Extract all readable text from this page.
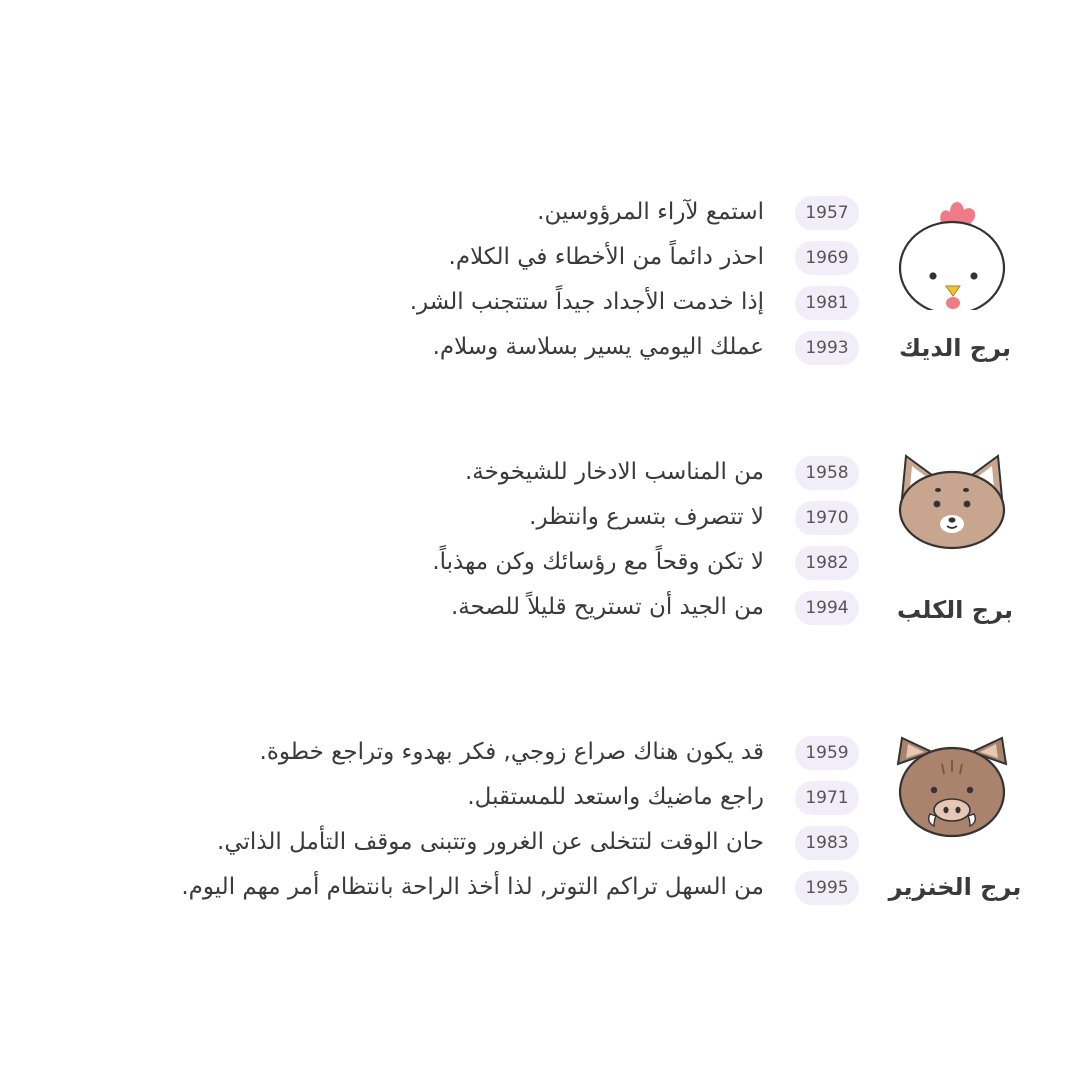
برج الديك
1957
استمع لآراء المرؤوسين.
1969
احذر دائماً من الأخطاء في الكلام.
1981
إذا خدمت الأجداد جيداً ستتجنب الشر.
1993
عملك اليومي يسير بسلاسة وسلام.
برج الكلب
1958
من المناسب الادخار للشيخوخة.
1970
لا تتصرف بتسرع وانتظر.
1982
لا تكن وقحاً مع رؤسائك وكن مهذباً.
1994
من الجيد أن تستريح قليلاً للصحة.
برج الخنزير
1959
قد يكون هناك صراع زوجي, فكر بهدوء وتراجع خطوة.
1971
راجع ماضيك واستعد للمستقبل.
1983
حان الوقت لتتخلى عن الغرور وتتبنى موقف التأمل الذاتي.
1995
من السهل تراكم التوتر, لذا أخذ الراحة بانتظام أمر مهم اليوم.
